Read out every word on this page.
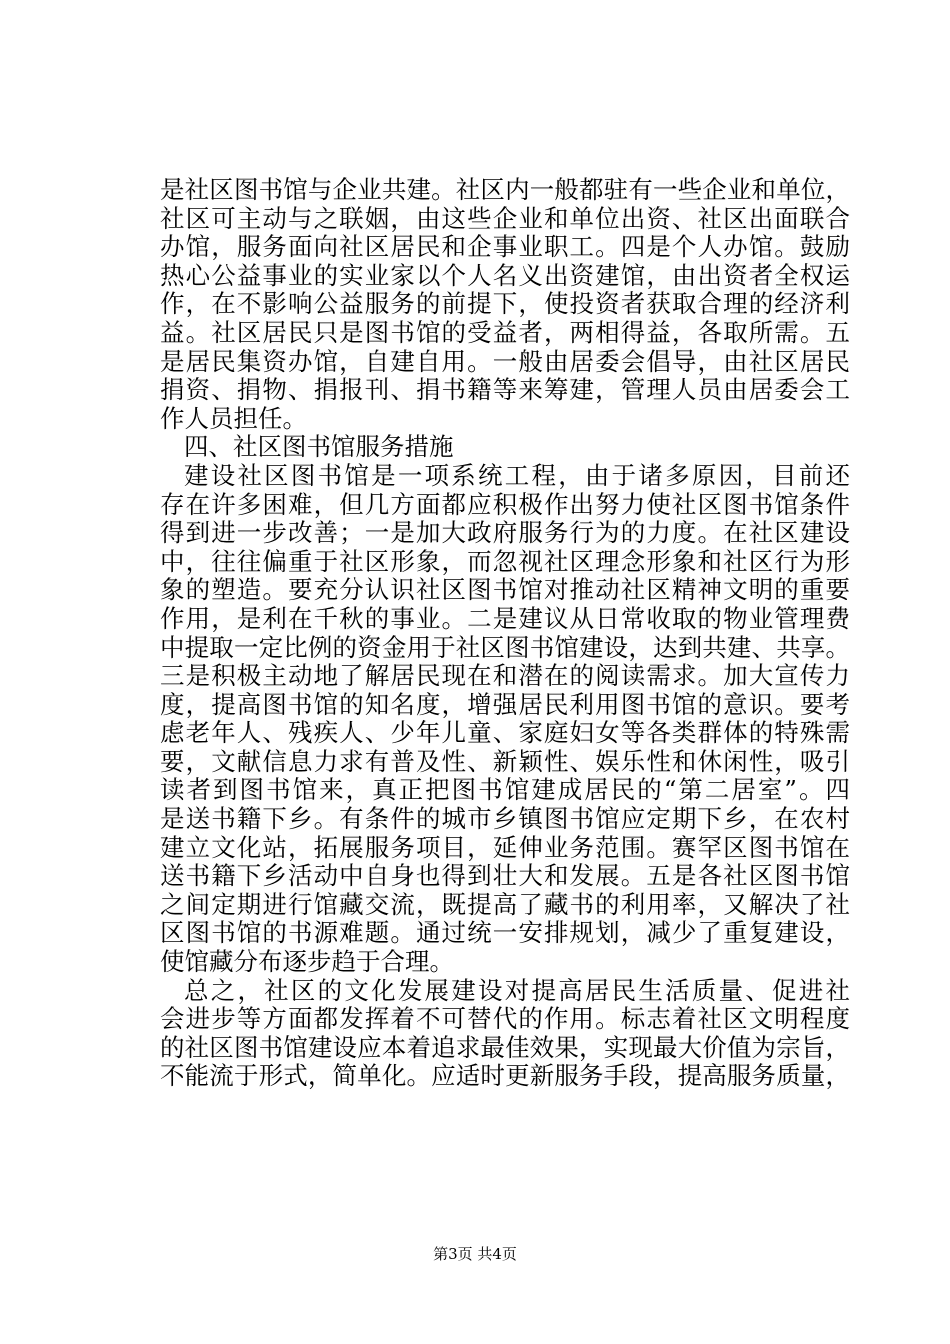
是社区图书馆与企业共建。社区内一般都驻有一些企业和单位，
社区可主动与之联姻，由这些企业和单位出资、社区出面联合
办馆，服务面向社区居民和企事业职工。四是个人办馆。鼓励
热心公益事业的实业家以个人名义出资建馆，由出资者全权运
作，在不影响公益服务的前提下，使投资者获取合理的经济利
益。社区居民只是图书馆的受益者，两相得益，各取所需。五
是居民集资办馆，自建自用。一般由居委会倡导，由社区居民
捐资、捐物、捐报刊、捐书籍等来筹建，管理人员由居委会工
作人员担任。
四、社区图书馆服务措施
建设社区图书馆是一项系统工程，由于诸多原因，目前还
存在许多困难，但几方面都应积极作出努力使社区图书馆条件
得到进一步改善；一是加大政府服务行为的力度。在社区建设
中，往往偏重于社区形象，而忽视社区理念形象和社区行为形
象的塑造。要充分认识社区图书馆对推动社区精神文明的重要
作用，是利在千秋的事业。二是建议从日常收取的物业管理费
中提取一定比例的资金用于社区图书馆建设，达到共建、共享。
三是积极主动地了解居民现在和潜在的阅读需求。加大宣传力
度，提高图书馆的知名度，增强居民利用图书馆的意识。要考
虑老年人、残疾人、少年儿童、家庭妇女等各类群体的特殊需
要，文献信息力求有普及性、新颖性、娱乐性和休闲性，吸引
读者到图书馆来，真正把图书馆建成居民的“第二居室”。四
是送书籍下乡。有条件的城市乡镇图书馆应定期下乡，在农村
建立文化站，拓展服务项目，延伸业务范围。赛罕区图书馆在
送书籍下乡活动中自身也得到壮大和发展。五是各社区图书馆
之间定期进行馆藏交流，既提高了藏书的利用率，又解决了社
区图书馆的书源难题。通过统一安排规划，减少了重复建设，
使馆藏分布逐步趋于合理。
总之，社区的文化发展建设对提高居民生活质量、促进社
会进步等方面都发挥着不可替代的作用。标志着社区文明程度
的社区图书馆建设应本着追求最佳效果，实现最大价值为宗旨，
不能流于形式，简单化。应适时更新服务手段，提高服务质量，
第3页 共4页
